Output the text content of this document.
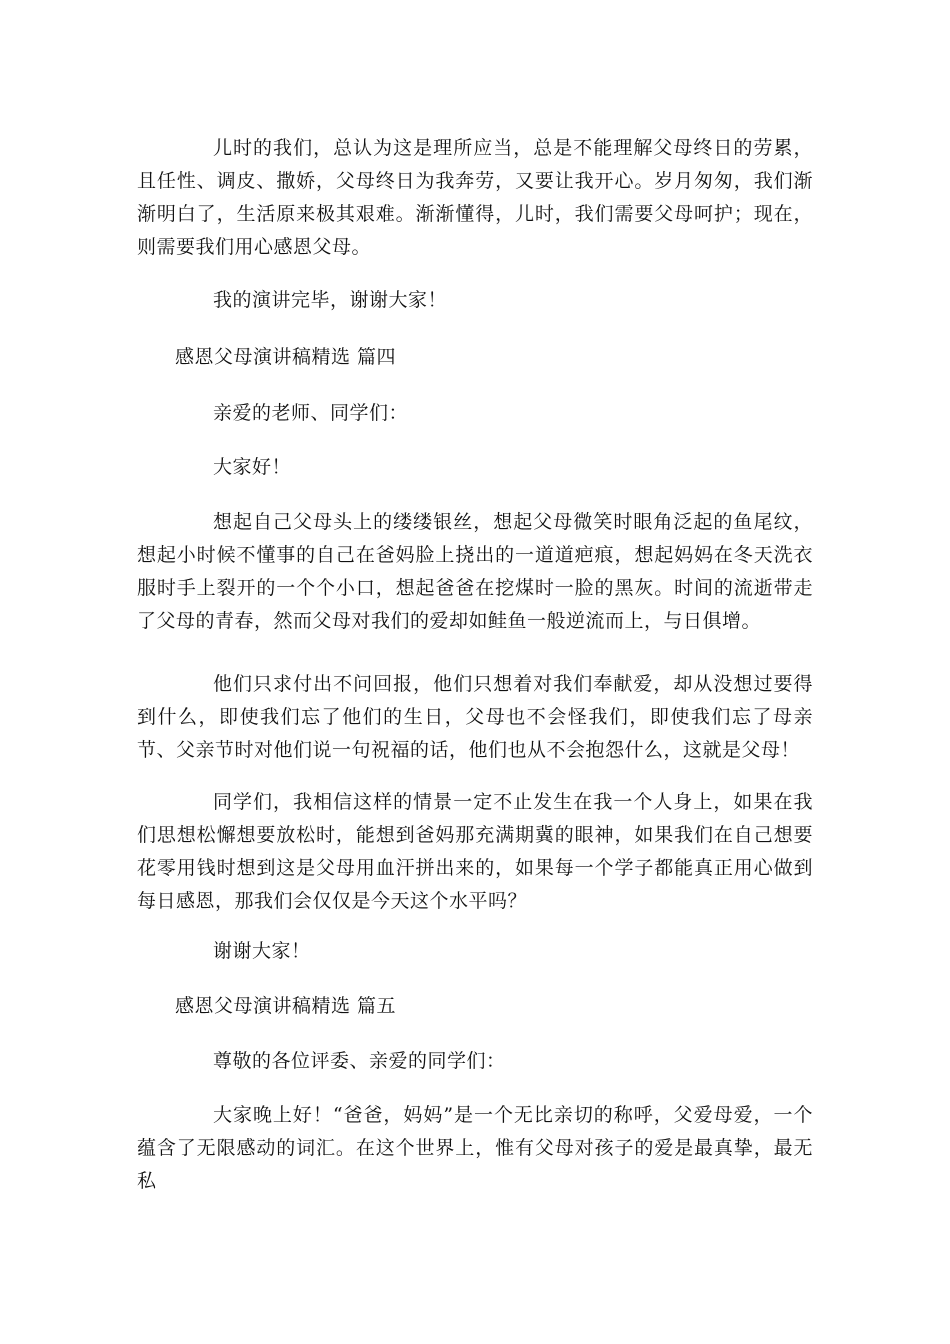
儿时的我们，总认为这是理所应当，总是不能理解父母终日的劳累，且任性、调皮、撒娇，父母终日为我奔劳，又要让我开心。岁月匆匆，我们渐渐明白了，生活原来极其艰难。渐渐懂得，儿时，我们需要父母呵护；现在，则需要我们用心感恩父母。

我的演讲完毕，谢谢大家！

感恩父母演讲稿精选 篇四

亲爱的老师、同学们：

大家好！

想起自己父母头上的缕缕银丝，想起父母微笑时眼角泛起的鱼尾纹，想起小时候不懂事的自己在爸妈脸上挠出的一道道疤痕，想起妈妈在冬天洗衣服时手上裂开的一个个小口，想起爸爸在挖煤时一脸的黑灰。时间的流逝带走了父母的青春，然而父母对我们的爱却如鲑鱼一般逆流而上，与日俱增。

他们只求付出不问回报，他们只想着对我们奉献爱，却从没想过要得到什么，即使我们忘了他们的生日，父母也不会怪我们，即使我们忘了母亲节、父亲节时对他们说一句祝福的话，他们也从不会抱怨什么，这就是父母！

同学们，我相信这样的情景一定不止发生在我一个人身上，如果在我们思想松懈想要放松时，能想到爸妈那充满期冀的眼神，如果我们在自己想要花零用钱时想到这是父母用血汗拼出来的，如果每一个学子都能真正用心做到每日感恩，那我们会仅仅是今天这个水平吗？

谢谢大家！

感恩父母演讲稿精选 篇五

尊敬的各位评委、亲爱的同学们：

大家晚上好！“爸爸，妈妈”是一个无比亲切的称呼，父爱母爱，一个蕴含了无限感动的词汇。在这个世界上，惟有父母对孩子的爱是最真挚，最无私
